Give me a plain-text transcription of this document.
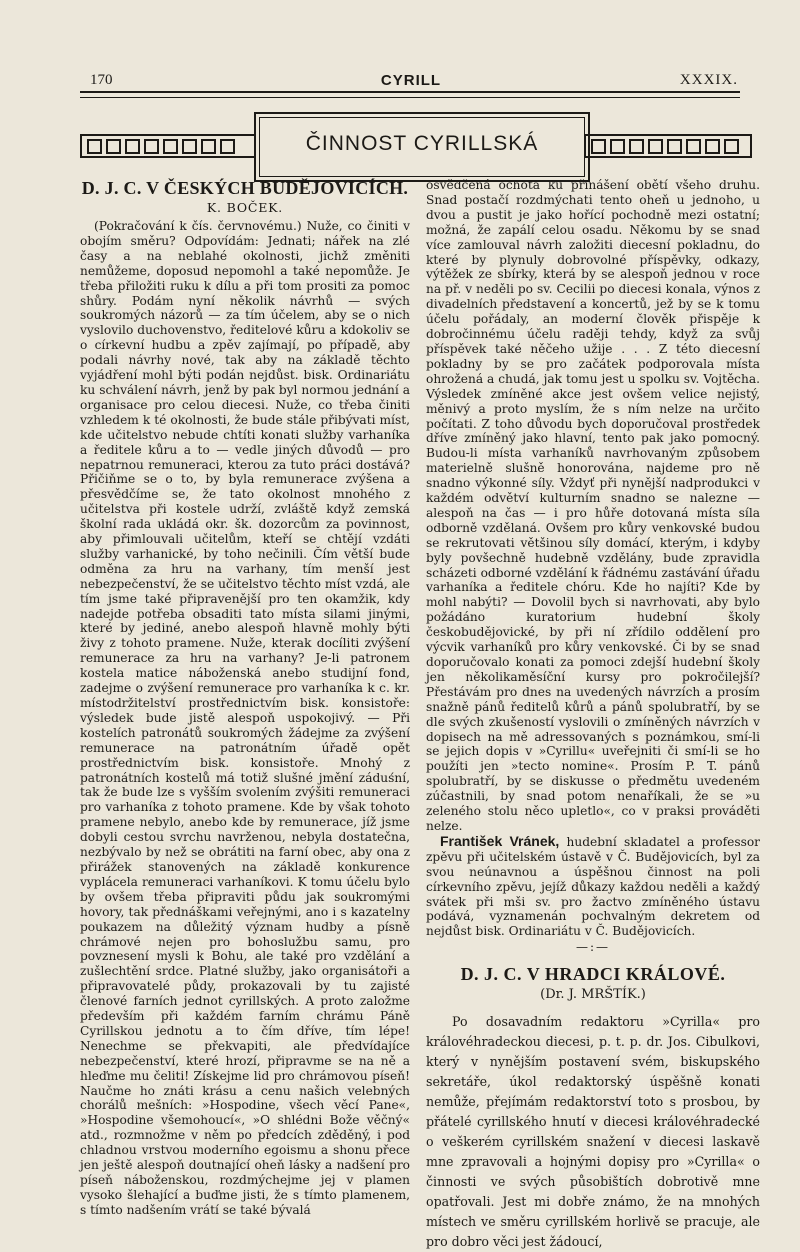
170	CYRILL	XXXIX.
ČINNOST CYRILLSKÁ
D. J. C. V ČESKÝCH BUDĚJOVICÍCH.
K. BOČEK.

(Pokračování k čís. červnovému.) Nuže, co činiti v obojím směru? Odpovídám: Jednati; nářek na zlé časy a na neblahé okolnosti, jichž změniti nemůžeme, doposud nepomohl a také nepomůže. Je třeba přiložiti ruku k dílu a při tom prositi za pomoc shůry. Podám nyní několik návrhů — svých soukromých názorů — za tím účelem, aby se o nich vyslovilo duchovenstvo, ředitelové kůru a kdokoliv se o církevní hudbu a zpěv zajímají, po případě, aby podali návrhy nové, tak aby na základě těchto vyjádření mohl býti podán nejdůst. bisk. Ordinariátu ku schválení návrh, jenž by pak byl normou jednání a organisace pro celou diecesi. Nuže, co třeba činiti vzhledem k té okolnosti, že bude stále přibývati míst, kde učitelstvo nebude chtíti konati služby varhaníka a ředitele kůru a to — vedle jiných důvodů — pro nepatrnou remuneraci, kterou za tuto práci dostává? Přičiňme se o to, by byla remunerace zvýšena a přesvědčíme se, že tato okolnost mnohého z učitelstva při kostele udrží, zvláště když zemská školní rada ukládá okr. šk. dozorcům za povinnost, aby přimlouvali učitelům, kteří se chtějí vzdáti služby varhanické, by toho nečinili. Čím větší bude odměna za hru na varhany, tím menší jest nebezpečenství, že se učitelstvo těchto míst vzdá, ale tím jsme také připravenější pro ten okamžik, kdy nadejde potřeba obsaditi tato místa silami jinými, které by jediné, anebo alespoň hlavně mohly býti živy z tohoto pramene. Nuže, kterak docíliti zvýšení remunerace za hru na varhany? Je-li patronem kostela matice náboženská anebo studijní fond, zadejme o zvýšení remunerace pro varhaníka k c. kr. místodržitelství prostřednictvím bisk. konsistoře: výsledek bude jistě alespoň uspokojivý. — Při kostelích patronátů soukromých žádejme za zvýšení remunerace na patronátním úřadě opět prostřednictvím bisk. konsistoře. Mnohý z patronátních kostelů má totiž slušné jmění záduśní, tak že bude lze s vyšším svolením zvýšiti remuneraci pro varhaníka z tohoto pramene. Kde by však tohoto pramene nebylo, anebo kde by remunerace, jíž jsme dobyli cestou svrchu navrženou, nebyla dostatečna, nezbývalo by než se obrátiti na farní obec, aby ona z přirážek stanovených na základě konkurence vyplácela remuneraci varhaníkovi. K tomu účelu bylo by ovšem třeba připraviti půdu jak soukromými hovory, tak přednáškami veřejnými, ano i s kazatelny poukazem na důležitý význam hudby a písně chrámové nejen pro bohoslužbu samu, pro povznesení mysli k Bohu, ale také pro vzdělání a zušlechtění srdce. Platné služby, jako organisátoři a připravovatelé půdy, prokazovali by tu zajisté členové farních jednot cyrillských. A proto založme především při každém farním chrámu Páně Cyrillskou jednotu a to čím dříve, tím lépe! Nenechme se překvapiti, ale předvídajíce nebezpečenství, které hrozí, připravme se na ně a hleďme mu čeliti! Získejme lid pro chrámovou píseň! Naučme ho znáti krásu a cenu našich velebných chorálů mešních: »Hospodine, všech věcí Pane«, »Hospodine všemohoucí«, »O shlédni Bože věčný« atd., rozmnožme v něm po předcích zděděný, i pod chladnou vrstvou moderního egoismu a shonu přece jen ještě alespoň doutnající oheň lásky a nadšení pro píseň náboženskou, rozdmýchejme jej v plamen vysoko šlehající a buďme jisti, že s tímto plamenem, s tímto nadšením vrátí se také bývalá

osvědčená ochota ku přinášení obětí všeho druhu. Snad postačí rozdmýchati tento oheň u jednoho, u dvou a pustit je jako hořící pochodně mezi ostatní; možná, že zapálí celou osadu. Někomu by se snad více zamlouval návrh založiti diecesní pokladnu, do které by plynuly dobrovolné příspěvky, odkazy, výtěžek ze sbírky, která by se alespoň jednou v roce na př. v neděli po sv. Cecilii po diecesi konala, výnos z divadelních představení a koncertů, jež by se k tomu účelu pořádaly, an moderní člověk přispěje k dobročinnému účelu raději tehdy, když za svůj příspěvek také něčeho užije . . . Z této diecesní pokladny by se pro začátek podporovala místa ohrožená a chudá, jak tomu jest u spolku sv. Vojtěcha. Výsledek zmíněné akce jest ovšem velice nejistý, měnivý a proto myslím, že s ním nelze na určito počítati. Z toho důvodu bych doporučoval prostředek dříve zmíněný jako hlavní, tento pak jako pomocný. Budou-li místa varhaníků navrhovaným způsobem materielně slušně honorována, najdeme pro ně snadno výkonné síly. Vždyť při nynější nadprodukci v každém odvětví kulturním snadno se nalezne — alespoň na čas — i pro hůře dotovaná místa síla odborně vzdělaná. Ovšem pro kůry venkovské budou se rekrutovati většinou síly domácí, kterým, i kdyby byly povšechně hudebně vzdělány, bude zpravidla scházeti odborné vzdělání k řádnému zastávání úřadu varhaníka a ředitele chóru. Kde ho najíti? Kde by mohl nabýti? — Dovolil bych si navrhovati, aby bylo požádáno kuratorium hudební školy českobudějovické, by při ní zřídilo oddělení pro výcvik varhaníků pro kůry venkovské. Či by se snad doporučovalo konati za pomoci zdejší hudební školy jen několikaměsíční kursy pro pokročilejší? Přestávám pro dnes na uvedených návrzích a prosím snažně pánů ředitelů kůrů a pánů spolubratří, by se dle svých zkušeností vyslovili o zmíněných návrzích v dopisech na mě adressovaných s poznámkou, smí-li se jejich dopis v »Cyrillu« uveřejniti či smí-li se ho použíti jen »tecto nomine«. Prosím P. T. pánů spolubratří, by se diskusse o předmětu uvedeném zúčastnili, by snad potom nenaříkali, že se »u zeleného stolu něco upletlo«, co v praksi prováděti nelze.

František Vránek, hudební skladatel a professor zpěvu při učitelském ústavě v Č. Budějovicích, byl za svou neúnavnou a úspěšnou činnost na poli církevního zpěvu, jejíž důkazy každou neděli a každý svátek při mši sv. pro žactvo zmíněného ústavu podává, vyznamenán pochvalným dekretem od nejdůst bisk. Ordinariátu v Č. Budějovicích.

—:—
D. J. C. V HRADCI KRÁLOVÉ.
(Dr. J. MRŠTÍK.)

Po dosavadním redaktoru »Cyrilla« pro královéhradeckou diecesi, p. t. p. dr. Jos. Cibulkovi, který v nynějším postavení svém, biskupského sekretáře, úkol redaktorský úspěšně konati nemůže, přejímám redaktorství toto s prosbou, by přátelé cyrillského hnutí v diecesi královéhradecké o veškerém cyrillském snažení v diecesi laskavě mne zpravovali a hojnými dopisy pro »Cyrilla« o činnosti ve svých působištích dobrotivě mne opatřovali. Jest mi dobře známo, že na mnohých místech ve směru cyrillském horlivě se pracuje, ale pro dobro věci jest žádoucí,
